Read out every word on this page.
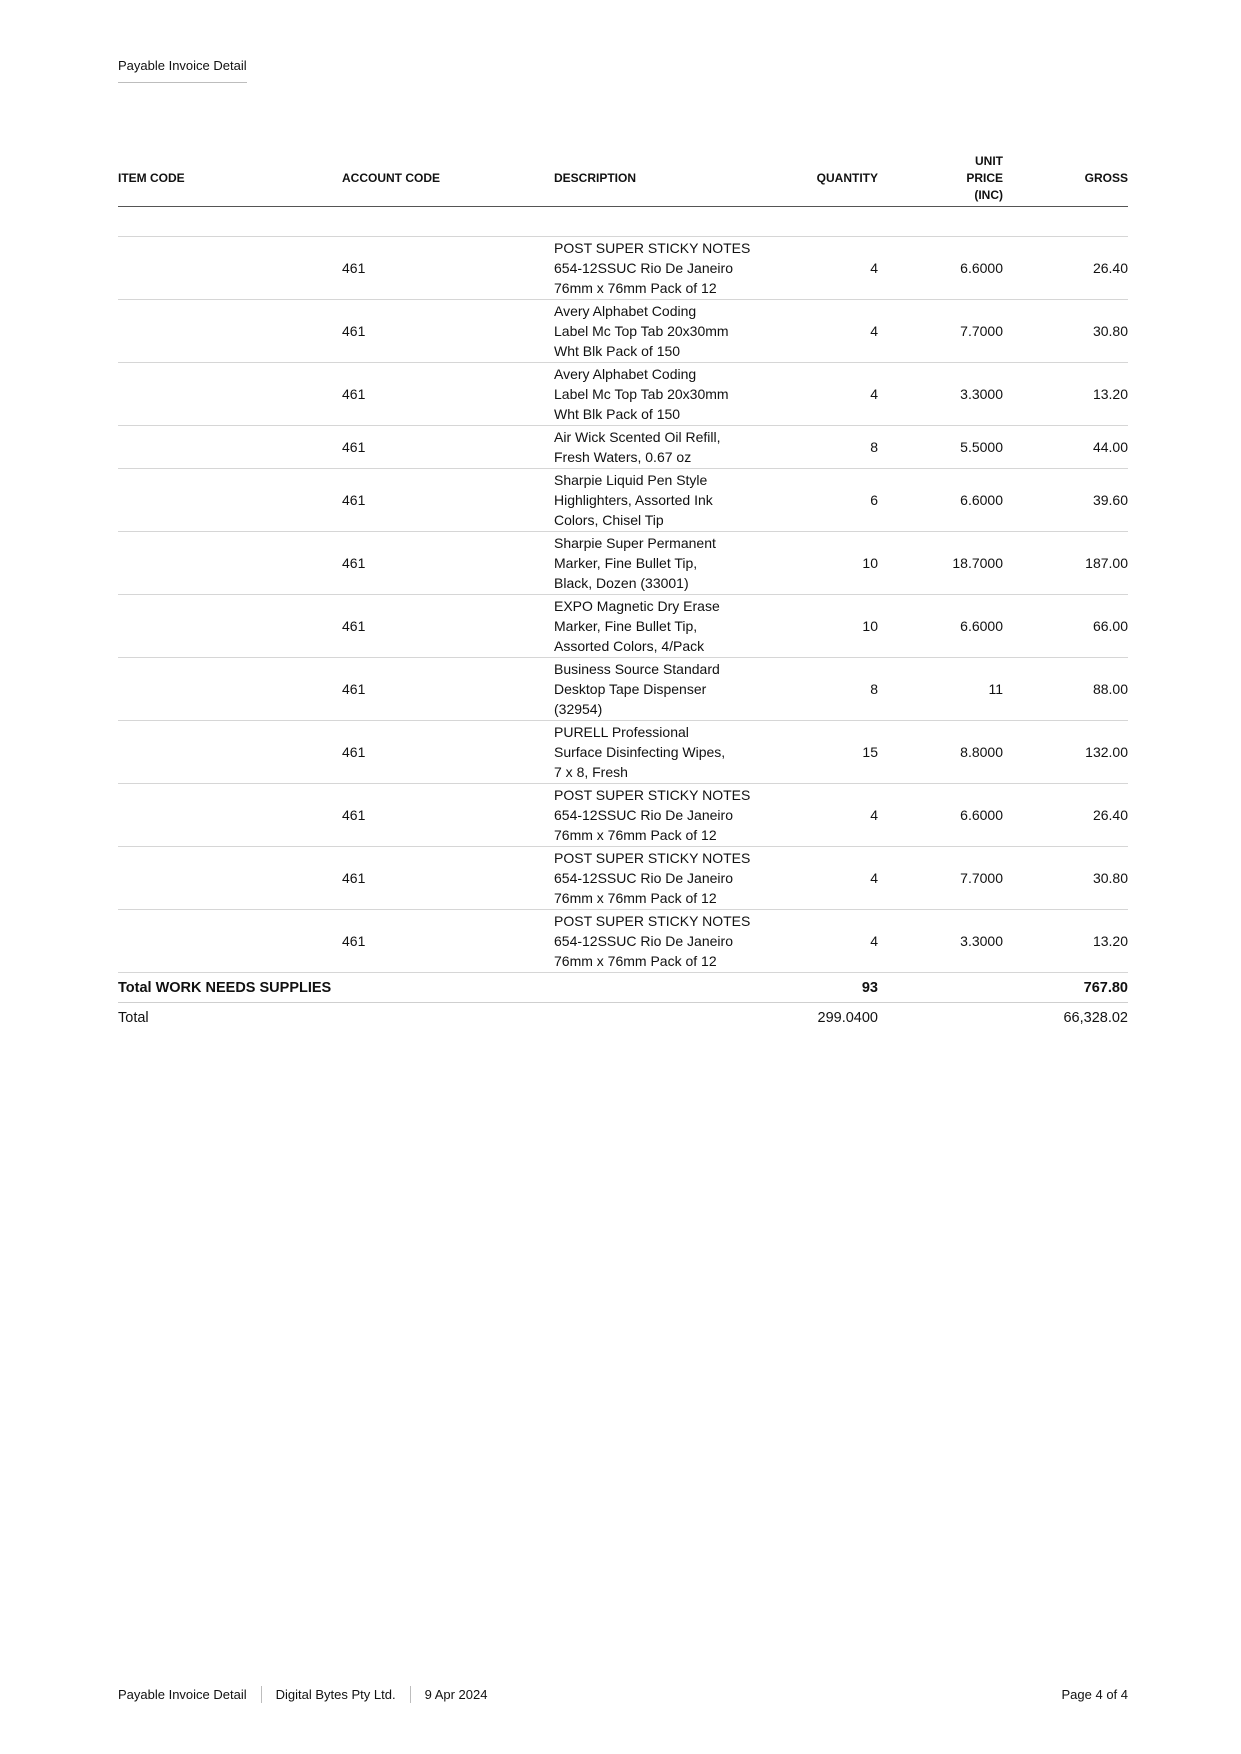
Payable Invoice Detail
ITEM CODE	ACCOUNT CODE	DESCRIPTION	QUANTITY	UNIT
PRICE
(INC)	GROSS

	461	POST SUPER STICKY NOTES
654-12SSUC Rio De Janeiro
76mm x 76mm Pack of 12	4	6.6000	26.40
	461	Avery Alphabet Coding
Label Mc Top Tab 20x30mm
Wht Blk Pack of 150	4	7.7000	30.80
	461	Avery Alphabet Coding
Label Mc Top Tab 20x30mm
Wht Blk Pack of 150	4	3.3000	13.20
	461	Air Wick Scented Oil Refill,
Fresh Waters, 0.67 oz	8	5.5000	44.00
	461	Sharpie Liquid Pen Style
Highlighters, Assorted Ink
Colors, Chisel Tip	6	6.6000	39.60
	461	Sharpie Super Permanent
Marker, Fine Bullet Tip,
Black, Dozen (33001)	10	18.7000	187.00
	461	EXPO Magnetic Dry Erase
Marker, Fine Bullet Tip,
Assorted Colors, 4/Pack	10	6.6000	66.00
	461	Business Source Standard
Desktop Tape Dispenser
(32954)	8	11	88.00
	461	PURELL Professional
Surface Disinfecting Wipes,
7 x 8, Fresh	15	8.8000	132.00
	461	POST SUPER STICKY NOTES
654-12SSUC Rio De Janeiro
76mm x 76mm Pack of 12	4	6.6000	26.40
	461	POST SUPER STICKY NOTES
654-12SSUC Rio De Janeiro
76mm x 76mm Pack of 12	4	7.7000	30.80
	461	POST SUPER STICKY NOTES
654-12SSUC Rio De Janeiro
76mm x 76mm Pack of 12	4	3.3000	13.20
Total WORK NEEDS SUPPLIES			93		767.80
Total			299.0400		66,328.02
Payable Invoice Detail Digital Bytes Pty Ltd. 9 Apr 2024	Page 4 of 4
